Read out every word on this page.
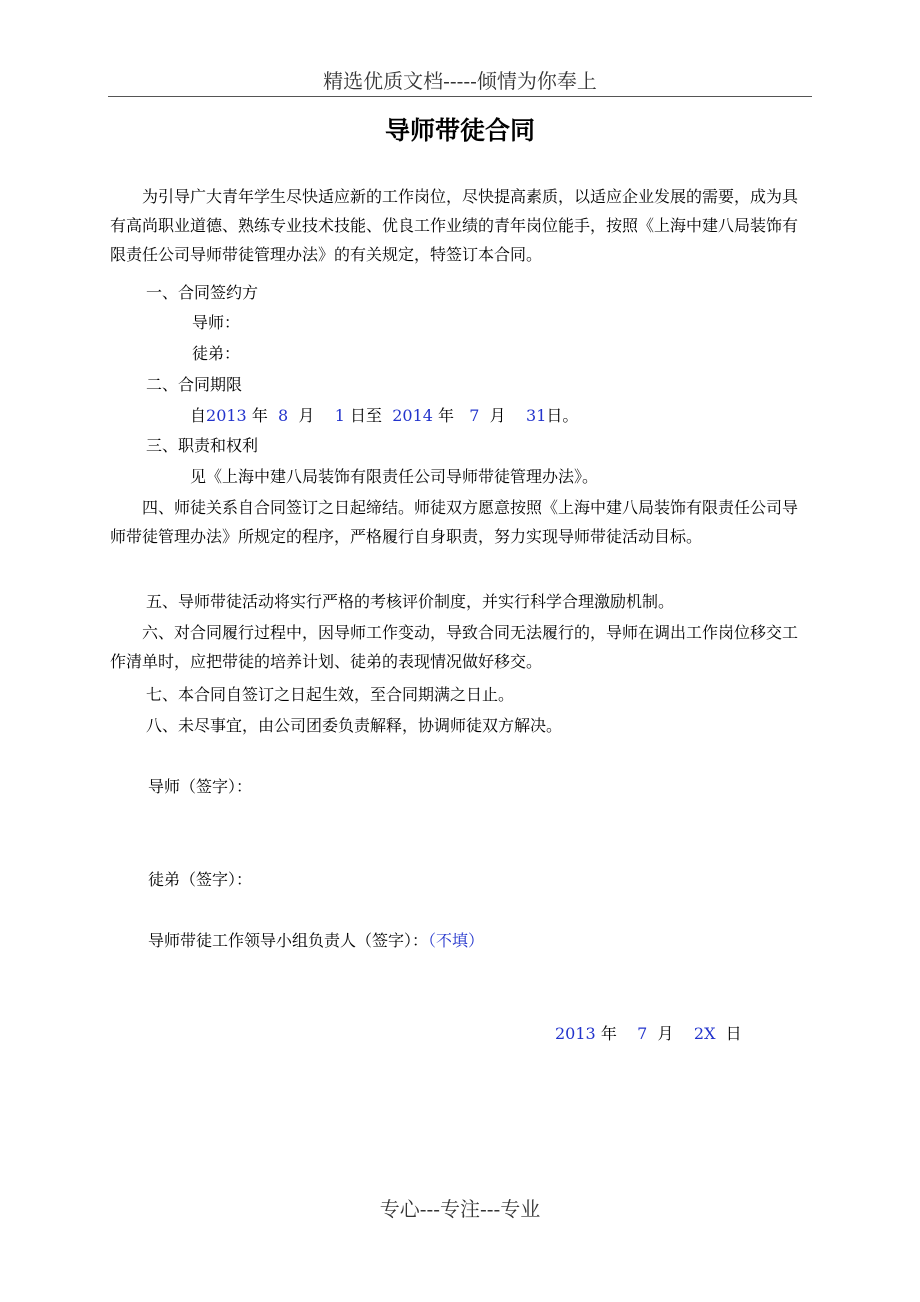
精选优质文档-----倾情为你奉上
导师带徒合同

为引导广大青年学生尽快适应新的工作岗位，尽快提高素质，以适应企业发展的需要，成为具有高尚职业道德、熟练专业技术技能、优良工作业绩的青年岗位能手，按照《上海中建八局装饰有限责任公司导师带徒管理办法》的有关规定，特签订本合同。

一、合同签约方
导师：
徒弟：
二、合同期限
自2013 年 8 月 1 日至 2014 年 7 月 31日。
三、职责和权利
见《上海中建八局装饰有限责任公司导师带徒管理办法》。

四、师徒关系自合同签订之日起缔结。师徒双方愿意按照《上海中建八局装饰有限责任公司导师带徒管理办法》所规定的程序，严格履行自身职责，努力实现导师带徒活动目标。

五、导师带徒活动将实行严格的考核评价制度，并实行科学合理激励机制。

六、对合同履行过程中，因导师工作变动，导致合同无法履行的，导师在调出工作岗位移交工作清单时，应把带徒的培养计划、徒弟的表现情况做好移交。

七、本合同自签订之日起生效，至合同期满之日止。
八、未尽事宜，由公司团委负责解释，协调师徒双方解决。
导师（签字）：
徒弟（签字）：
导师带徒工作领导小组负责人（签字）：（不填）
2013 年 7 月 2X 日
专心---专注---专业
